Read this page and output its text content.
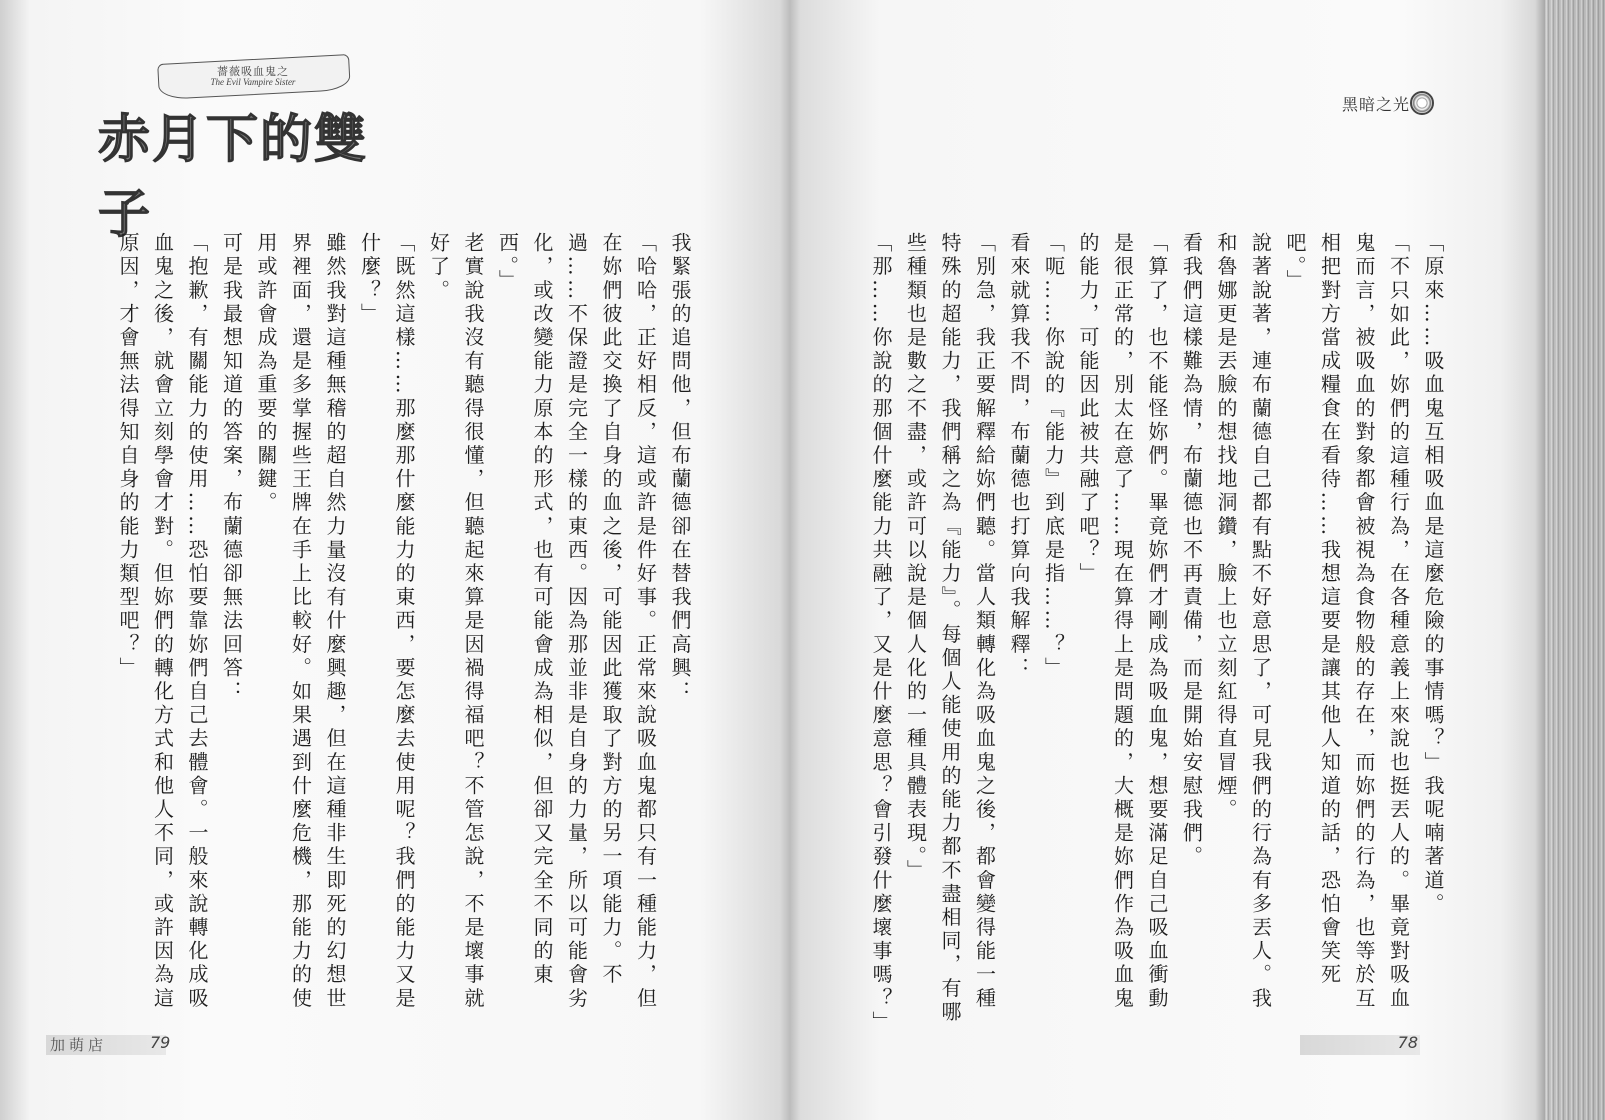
薔薇吸血鬼之
The Evil Vampire Sister
赤月下的雙子

我緊張的追問他，但布蘭德卻在替我們高興：

「哈哈，正好相反，這或許是件好事。正常來說吸血鬼都只有一種能力，但在妳們彼此交換了自身的血之後，可能因此獲取了對方的另一項能力。不過……不保證是完全一樣的東西。因為那並非是自身的力量，所以可能會劣化，或改變能力原本的形式，也有可能會成為相似，但卻又完全不同的東西。」

老實說我沒有聽得很懂，但聽起來算是因禍得福吧？不管怎說，不是壞事就好了。

「既然這樣……那麼那什麼能力的東西，要怎麼去使用呢？我們的能力又是什麼？」

雖然我對這種無稽的超自然力量沒有什麼興趣，但在這種非生即死的幻想世界裡面，還是多掌握些王牌在手上比較好。如果遇到什麼危機，那能力的使用或許會成為重要的關鍵。

可是我最想知道的答案，布蘭德卻無法回答：

「抱歉，有關能力的使用……恐怕要靠妳們自己去體會。一般來說轉化成吸血鬼之後，就會立刻學會才對。但妳們的轉化方式和他人不同，或許因為這原因，才會無法得知自身的能力類型吧？」

加萌店	79
黑暗之光

「原來……吸血鬼互相吸血是這麼危險的事情嗎？」我呢喃著道。

「不只如此，妳們的這種行為，在各種意義上來說也挺丟人的。畢竟對吸血鬼而言，被吸血的對象都會被視為食物般的存在，而妳們的行為，也等於互相把對方當成糧食在看待……我想這要是讓其他人知道的話，恐怕會笑死吧。」

說著說著，連布蘭德自己都有點不好意思了，可見我們的行為有多丟人。我和魯娜更是丟臉的想找地洞鑽，臉上也立刻紅得直冒煙。

看我們這樣難為情，布蘭德也不再責備，而是開始安慰我們。

「算了，也不能怪妳們。畢竟妳們才剛成為吸血鬼，想要滿足自己吸血衝動是很正常的，別太在意了……現在算得上是問題的，大概是妳們作為吸血鬼的能力，可能因此被共融了吧？」

「呃……你說的『能力』到底是指……？」

看來就算我不問，布蘭德也打算向我解釋：

「別急，我正要解釋給妳們聽。當人類轉化為吸血鬼之後，都會變得能一種特殊的超能力，我們稱之為『能力』。每個人能使用的能力都不盡相同，有哪些種類也是數之不盡，或許可以說是個人化的一種具體表現。」

「那……你說的那個什麼能力共融了，又是什麼意思？會引發什麼壞事嗎？」

78
